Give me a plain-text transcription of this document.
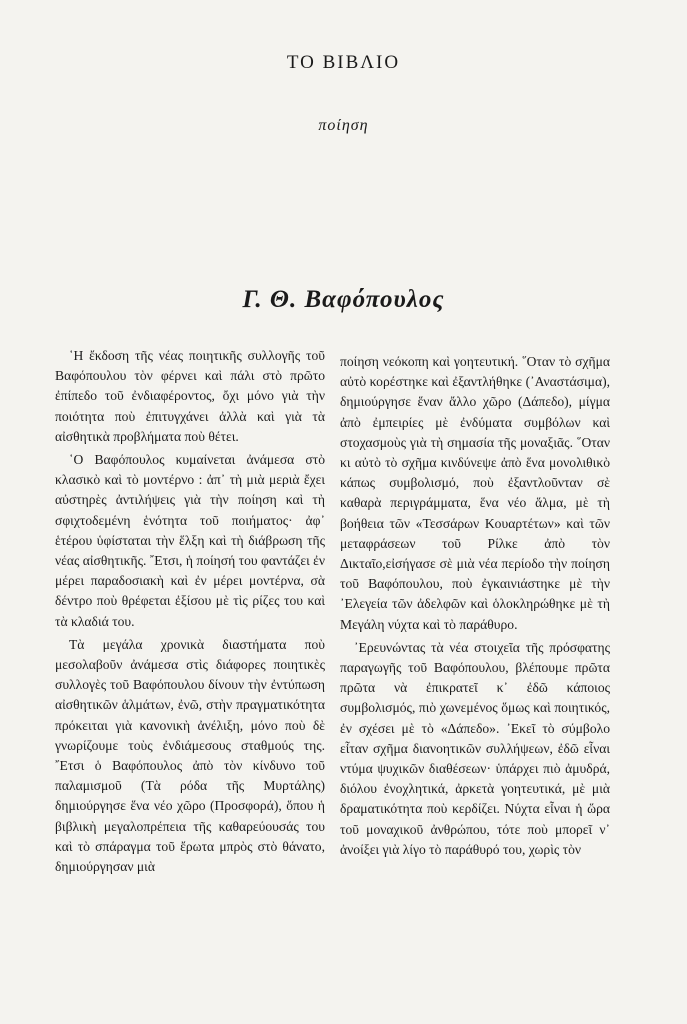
ΤΟ ΒΙΒΛΙΟ
ποίηση
Γ. Θ. Βαφόπουλος

῾Η ἔκδοση τῆς νέας ποιητικῆς συλλογῆς τοῦ Βαφόπουλου τὸν φέρνει καὶ πάλι στὸ πρῶτο ἐπίπεδο τοῦ ἐνδιαφέροντος, ὄχι μόνο γιὰ τὴν ποιότητα ποὺ ἐπιτυγχάνει ἀλλὰ καὶ γιὰ τὰ αἰσθητικὰ προβλήματα ποὺ θέτει.

῾Ο Βαφόπουλος κυμαίνεται ἀνάμεσα στὸ κλασικὸ καὶ τὸ μοντέρνο : ἀπ᾽ τὴ μιὰ μεριὰ ἔχει αὐστηρὲς ἀντιλήψεις γιὰ τὴν ποίηση καὶ τὴ σφιχτοδεμένη ἑνότητα τοῦ ποιήματος· ἀφ᾽ ἑτέρου ὑφίσταται τὴν ἕλξη καὶ τὴ διάβρωση τῆς νέας αἰσθητικῆς. ῎Ετσι, ἡ ποίησή του φαντάζει ἐν μέρει παραδοσιακὴ καὶ ἐν μέρει μοντέρνα, σὰ δέντρο ποὺ θρέφεται ἐξίσου μὲ τὶς ρίζες του καὶ τὰ κλαδιά του.

Τὰ μεγάλα χρονικὰ διαστήματα ποὺ μεσολαβοῦν ἀνάμεσα στὶς διάφορες ποιητικὲς συλλογὲς τοῦ Βαφόπουλου δίνουν τὴν ἐντύπωση αἰσθητικῶν ἁλμάτων, ἐνῶ, στὴν πραγματικότητα πρόκειται γιὰ κανονικὴ ἀνέλιξη, μόνο ποὺ δὲ γνωρίζουμε τοὺς ἐνδιάμεσους σταθμούς της. ῎Ετσι ὁ Βαφόπουλος ἀπὸ τὸν κίνδυνο τοῦ παλαμισμοῦ (Τὰ ρόδα τῆς Μυρτάλης) δημιούργησε ἕνα νέο χῶρο (Προσφορά), ὅπου ἡ βιβλικὴ μεγαλοπρέπεια τῆς καθαρεύουσάς του καὶ τὸ σπάραγμα τοῦ ἔρωτα μπρὸς στὸ θάνατο, δημιούργησαν μιὰ

ποίηση νεόκοπη καὶ γοητευτική. ῞Οταν τὸ σχῆμα αὐτὸ κορέστηκε καὶ ἐξαντλήθηκε (᾽Αναστάσιμα), δημιούργησε ἕναν ἄλλο χῶρο (Δάπεδο), μίγμα ἀπὸ ἐμπειρίες μὲ ἐνδύματα συμβόλων καὶ στοχασμοὺς γιὰ τὴ σημασία τῆς μοναξιᾶς. ῞Οταν κι αὐτὸ τὸ σχῆμα κινδύνεψε ἀπὸ ἕνα μονολιθικὸ κάπως συμβολισμό, ποὺ ἐξαντλοῦνταν σὲ καθαρὰ περιγράμματα, ἕνα νέο ἅλμα, μὲ τὴ βοήθεια τῶν «Τεσσάρων Κουαρτέτων» καὶ τῶν μεταφράσεων τοῦ Ρίλκε ἀπὸ τὸν Δικταῖο,εἰσήγασε σὲ μιὰ νέα περίοδο τὴν ποίηση τοῦ Βαφόπουλου, ποὺ ἐγκαινιάστηκε μὲ τὴν ᾽Ελεγεία τῶν ἀδελφῶν καὶ ὁλοκληρώθηκε μὲ τὴ Μεγάλη νύχτα καὶ τὸ παράθυρο.

᾽Ερευνώντας τὰ νέα στοιχεῖα τῆς πρόσφατης παραγωγῆς τοῦ Βαφόπουλου, βλέπουμε πρῶτα πρῶτα νὰ ἐπικρατεῖ κ᾽ ἐδῶ κάποιος συμβολισμός, πιὸ χωνεμένος ὅμως καὶ ποιητικός, ἐν σχέσει μὲ τὸ «Δάπεδο». ᾽Εκεῖ τὸ σύμβολο εἶταν σχῆμα διανοητικῶν συλλήψεων, ἐδῶ εἶναι ντύμα ψυχικῶν διαθέσεων· ὑπάρχει πιὸ ἀμυδρά, διόλου ἐνοχλητικά, ἀρκετὰ γοητευτικά, μὲ μιὰ δραματικότητα ποὺ κερδίζει. Νύχτα εἶναι ἡ ὥρα τοῦ μοναχικοῦ ἀνθρώπου, τότε ποὺ μπορεῖ ν᾽ ἀνοίξει γιὰ λίγο τὸ παράθυρό του, χωρὶς τὸν
